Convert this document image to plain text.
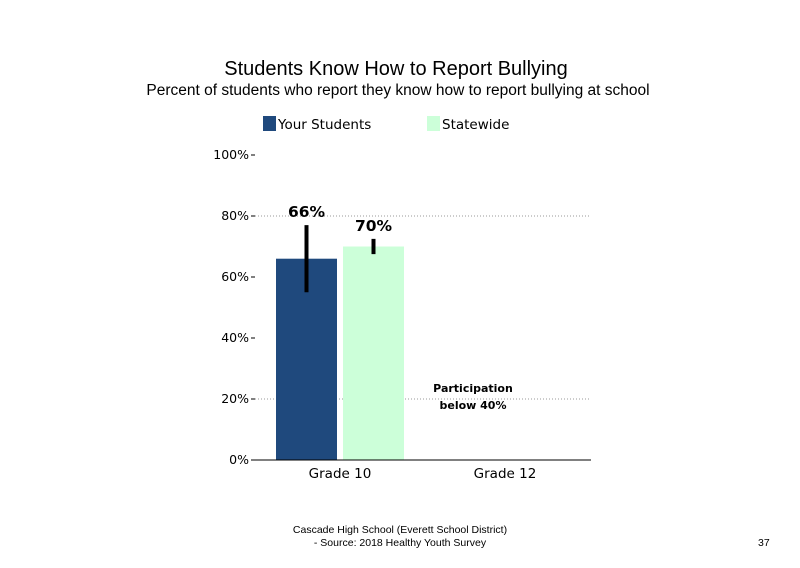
Students Know How to Report Bullying
Percent of students who report they know how to report bullying at school
Your Students	Statewide
0%
20%
40%
60%
80%
100%
66%
70%
Grade 10	Grade 12
Participation
below 40%
Cascade High School (Everett School District)
- Source: 2018 Healthy Youth Survey	37
